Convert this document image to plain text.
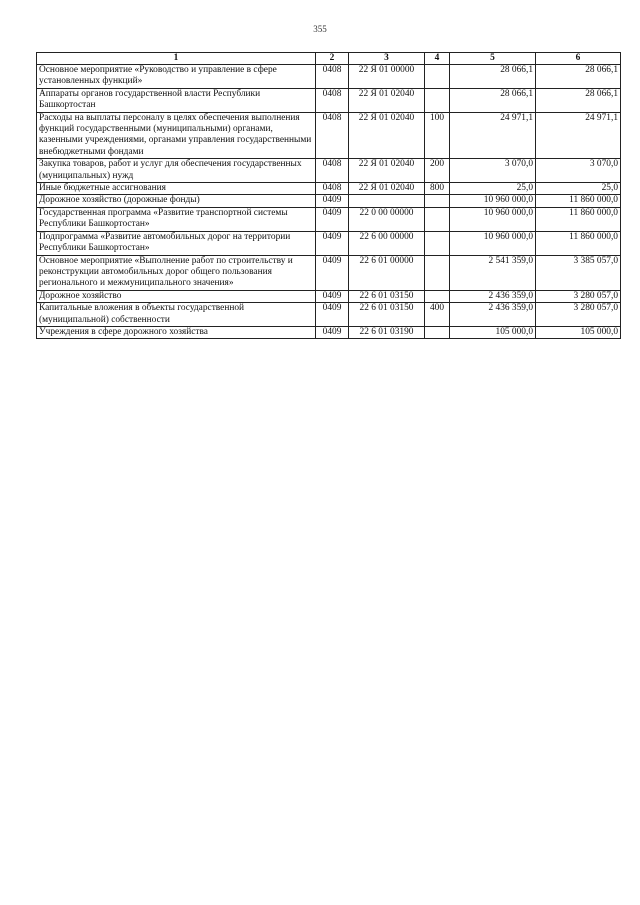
355
1	2	3	4	5	6
Основное мероприятие «Руководство и управление в сфере установленных функций»	0408	22 Я 01 00000		28 066,1	28 066,1
Аппараты органов государственной власти Республики Башкортостан	0408	22 Я 01 02040		28 066,1	28 066,1
Расходы на выплаты персоналу в целях обеспечения выполнения функций государственными (муниципальными) органами, казенными учреждениями, органами управления государственными внебюджетными фондами	0408	22 Я 01 02040	100	24 971,1	24 971,1
Закупка товаров, работ и услуг для обеспечения государственных (муниципальных) нужд	0408	22 Я 01 02040	200	3 070,0	3 070,0
Иные бюджетные ассигнования	0408	22 Я 01 02040	800	25,0	25,0
Дорожное хозяйство (дорожные фонды)	0409			10 960 000,0	11 860 000,0
Государственная программа «Развитие транспортной системы Республики Башкортостан»	0409	22 0 00 00000		10 960 000,0	11 860 000,0
Подпрограмма «Развитие автомобильных дорог на территории Республики Башкортостан»	0409	22 6 00 00000		10 960 000,0	11 860 000,0
Основное мероприятие «Выполнение работ по строительству и реконструкции автомобильных дорог общего пользования регионального и межмуниципального значения»	0409	22 6 01 00000		2 541 359,0	3 385 057,0
Дорожное хозяйство	0409	22 6 01 03150		2 436 359,0	3 280 057,0
Капитальные вложения в объекты государственной (муниципальной) собственности	0409	22 6 01 03150	400	2 436 359,0	3 280 057,0
Учреждения в сфере дорожного хозяйства	0409	22 6 01 03190		105 000,0	105 000,0
